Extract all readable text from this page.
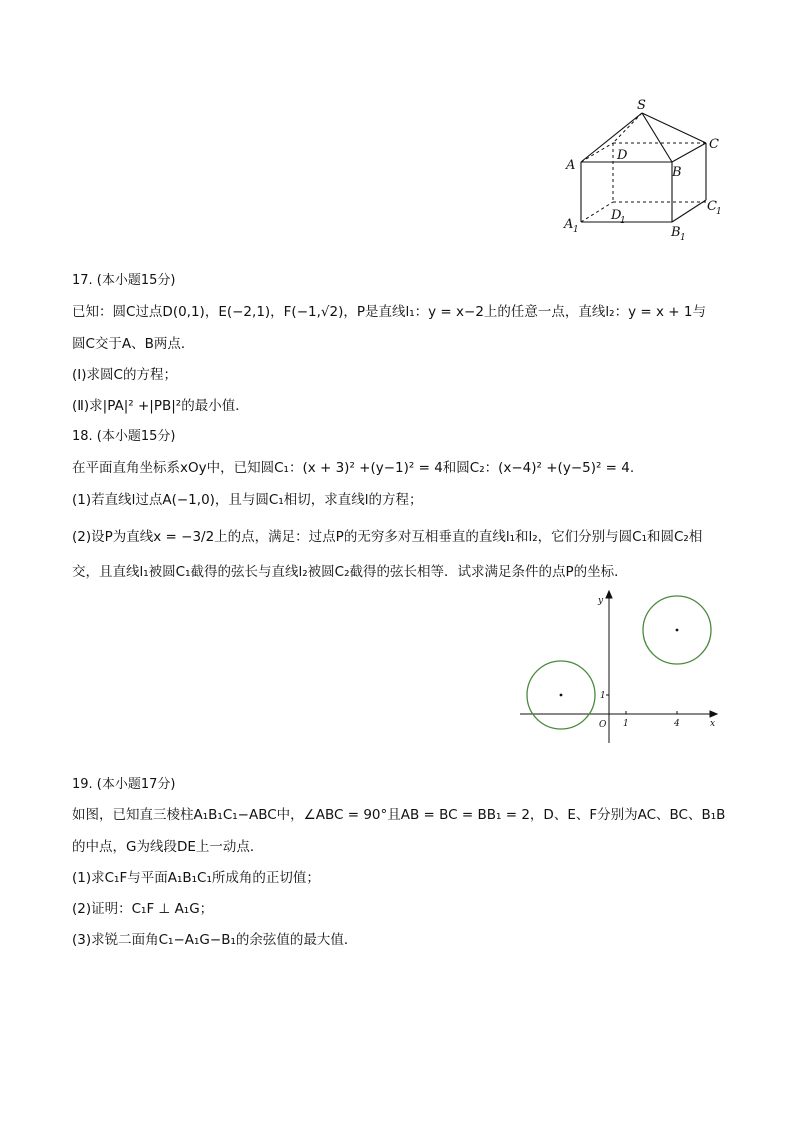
S
A	B
C
D
A 1	B 1
C 1
D
1
17. (本小题15分)
已知：圆C过点D(0,1)，E(−2,1)，F(−1,√2)，P是直线l₁：y = x−2上的任意一点，直线l₂：y = x + 1与
圆C交于A、B两点．
(Ⅰ)求圆C的方程；
(Ⅱ)求|PA|² +|PB|²的最小值．
18. (本小题15分)
在平面直角坐标系xOy中，已知圆C₁：(x + 3)² +(y−1)² = 4和圆C₂：(x−4)² +(y−5)² = 4.
(1)若直线l过点A(−1,0)，且与圆C₁相切，求直线l的方程；
(2)设P为直线x = −3/2上的点，满足：过点P的无穷多对互相垂直的直线l₁和l₂，它们分别与圆C₁和圆C₂相
交，且直线l₁被圆C₁截得的弦长与直线l₂被圆C₂截得的弦长相等．试求满足条件的点P的坐标．
y
x
O
1
1	4
19. (本小题17分)
如图，已知直三棱柱A₁B₁C₁−ABC中，∠ABC = 90°且AB = BC = BB₁ = 2，D、E、F分别为AC、BC、B₁B
的中点，G为线段DE上一动点．
(1)求C₁F与平面A₁B₁C₁所成角的正切值；
(2)证明：C₁F ⊥ A₁G；
(3)求锐二面角C₁−A₁G−B₁的余弦值的最大值．
